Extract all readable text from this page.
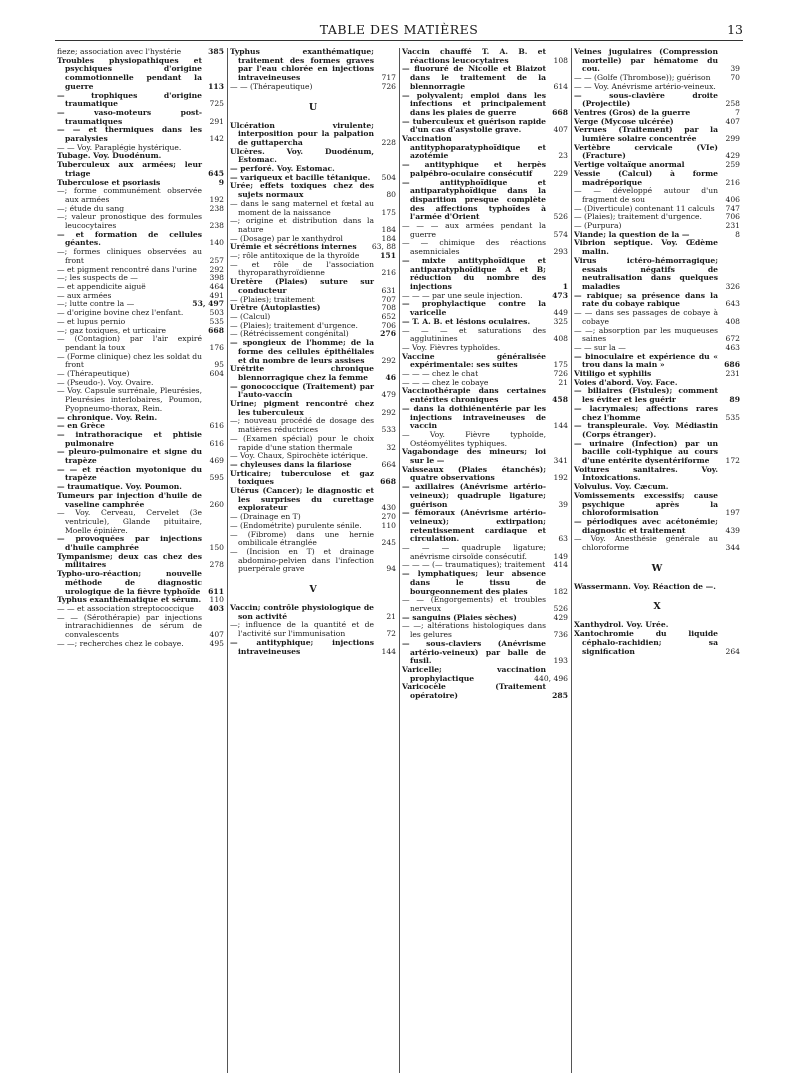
TABLE DES MATIÈRES	13
fieze; association avec l'hystérie	385
Troubles physiopathiques et psychiques d'origine commotionnelle pendant la guerre	113
— trophiques d'origine traumatique	725
— vaso-moteurs post-traumatiques	291
— — et thermiques dans les paralysies	142
— — Voy. Paraplégie hystérique.
Tubage. Voy. Duodénum.
Tuberculeux aux armées; leur triage	645
Tuberculose et psoriasis	9
—; forme communément observée aux armées	192
—; étude du sang	238
—; valeur pronostique des formules leucocytaires	238
— et formation de cellules géantes.	140
—; formes cliniques observées au front	257
— et pigment rencontré dans l'urine 292
—; les suspects de —	398
— et appendicite aiguë	464
— aux armées	491
—; lutte contre la —	53, 497
— d'origine bovine chez l'enfant.	503
— et lupus pernio	535
—; gaz toxiques, et urticaire	668
— (Contagion) par l'air expiré pendant la toux	176
— (Forme clinique) chez les soldat du front	95
— (Thérapeutique)	604
— (Pseudo-). Voy. Ovaire.
— Voy. Capsule surrénale, Pleurésies, Pleurésies interlobaires, Poumon, Pyopneumo-thorax, Rein.
— chronique. Voy. Rein.
— en Grèce	616
— intrathoracique et phtisie pulmonaire	616
— pleuro-pulmonaire et signe du trapèze	469
— — et réaction myotonique du trapèze	595
— traumatique. Voy. Poumon.
Tumeurs par injection d'huile de vaseline camphrée	260
— Voy. Cerveau, Cervelet (3e ventricule), Glande pituitaire, Moelle épinière.
— provoquées par injections d'huile camphrée	150
Tympanisme; deux cas chez des militaires	278
Typho-uro-réaction; nouvelle méthode de diagnostic urologique de la fièvre typhoïde 611
Typhus exanthématique et sérum. 110
— — et association streptococcique 403
— — (Sérothérapie) par injections intrarachidiennes de sérum de convalescents	407
— —; recherches chez le cobaye.	495
Typhus exanthématique; traitement des formes graves par l'eau chlorée en injections intraveineuses	717
— — (Thérapeutique)	726
U
Ulcération virulente; interposition pour la palpation de guttapercha	228
Ulcères. Voy. Duodénum, Estomac.
— perforé. Voy. Estomac.
— variqueux et bacille tétanique. 504
Urée; effets toxiques chez des sujets normaux	80
— dans le sang maternel et fœtal au moment de la naissance	175
—; origine et distribution dans la nature	184
— (Dosage) par le xanthydrol	184
Urémie et sécrétions internes 63, 88
—; rôle antitoxique de la thyroïde	151
— et rôle de l'association thyroparathyroïdienne	216
Uretère (Plaies) suture sur conducteur	631
— (Plaies); traitement	707
Urètre (Autoplasties)	708
— (Calcul)	652
— (Plaies); traitement d'urgence.	706
— (Rétrécissement congénital)	276
— spongieux de l'homme; de la forme des cellules épithéliales et du nombre de leurs assises 292
Urétrite chronique blennorragique chez la femme 46
— gonococcique (Traitement) par l'auto-vaccin	479
Urine; pigment rencontré chez les tuberculeux	292
—; nouveau procédé de dosage des matières réductrices	533
— (Examen spécial) pour le choix rapide d'une station thermale	32
— Voy. Chaux, Spirochète ictérique.
— chyleuses dans la filariose	664
Urticaire; tuberculose et gaz toxiques	668
Utérus (Cancer); le diagnostic et les surprises du curettage explorateur	430
— (Drainage en T)	270
— (Endométrite) purulente sénile.	110
— (Fibrome) dans une hernie ombilicale étranglée	245
— (Incision en T) et drainage abdomino-pelvien dans l'infection puerpérale grave	94
V
Vaccin; contrôle physiologique de son activité	21
—; influence de la quantité et de l'activité sur l'immunisation	72
— antityphique; injections intraveineuses	144
Vaccin chauffé T. A. B. et réactions leucocytaires	108
— fluoruré de Nicolle et Blaizot dans le traitement de la blennorragie	614
— polyvalent; emploi dans les infections et principalement dans les plaies de guerre	668
— tuberculeux et guérison rapide d'un cas d'asystolie grave.	407
Vaccination antityphoparatyphoïdique et azotémie	23
— antityphique et herpès palpébro-oculaire consécutif	229
— antityphoïdique et antiparatyphoïdique dans la disparition presque complète des affections typhoïdes à l'armée d'Orient	526
— — — aux armées pendant la guerre	574
— — chimique des réactions asemniciales	293
— mixte antityphoïdique et antiparatyphoïdique A et B; réduction du nombre des injections	1
— — — par une seule injection.	473
— prophylactique contre la varicelle	449
— T. A. B. et lésions oculaires.	325
— — — et saturations des agglutinines	408
— Voy. Fièvres typhoïdes.
Vaccine généralisée expérimentale: ses suites	175
— — — chez le chat	726
— — — chez le cobaye	21
Vaccinothérapie dans certaines entérites chroniques	458
— dans la dothiénentérie par les injections intraveineuses de vaccin	144
— Voy. Fièvre typhoïde, Ostéomyélites typhiques.
Vagabondage des mineurs; loi sur le —	341
Vaisseaux (Plaies étanchés); quatre observations	192
— axillaires (Anévrisme artério-veineux); quadruple ligature; guérison	39
— fémoraux (Anévrisme artério-veineux); extirpation; retentissement cardiaque et circulation.	63
— — — quadruple ligature; anévrisme cirsoïde consécutif.	149
— — — (— traumatiques); traitement 414
— lymphatiques; leur absence dans le tissu de bourgeonnement des plaies	182
— — (Engorgements) et troubles nerveux	526
— sanguins (Plaies sèches)	429
— —; altérations histologiques dans les gelures	736
— sous-claviers (Anévrisme artério-veineux) par balle de fusil.	193
Varicelle; vaccination prophylactique	440, 496
Varicocèle (Traitement opératoire)	285
Veines jugulaires (Compression mortelle) par hématome du cou.	39
— — (Golfe (Thrombose)); guérison	70
— — Voy. Anévrisme artério-veineux.
— sous-clavière droite (Projectile)	258
Ventres (Gros) de la guerre	7
Verge (Mycose ulcérée)	407
Verrues (Traitement) par la lumière solaire concentrée	299
Vertèbre cervicale (VIe) (Fracture)	429
Vertige voltaïque anormal	259
Vessie (Calcul) à forme madréporique	216
— — développé autour d'un fragment de sou	406
— (Diverticule) contenant 11 calculs 747
— (Plaies); traitement d'urgence.	706
— (Purpura)	231
Viande; la question de la —	8
Vibrion septique. Voy. Œdème malin.
Virus ictéro-hémorragique; essais négatifs de neutralisation dans quelques maladies	326
— rabique; sa présence dans la rate du cobaye rabique	643
— — dans ses passages de cobaye à cobaye	408
— —; absorption par les muqueuses saines	672
— — sur la —	463
— binoculaire et expérience du « trou dans la main »	686
Vitiligo et syphilis	231
Voies d'abord. Voy. Face.
— biliaires (Fistules); comment les éviter et les guérir	89
— lacrymales; affections rares chez l'homme	535
— transpleurale. Voy. Médiastin (Corps étranger).
— urinaire (Infection) par un bacille coli-typhique au cours d'une entérite dysentériforme 172
Voitures sanitaires. Voy. Intoxications.
Volvulus. Voy. Cæcum.
Vomissements excessifs; cause psychique après la chloroformisation	197
— périodiques avec acétonémie; diagnostic et traitement	439
— Voy. Anesthésie générale au chloroforme	344
W
Wassermann. Voy. Réaction de —.
X
Xanthydrol. Voy. Urée.
Xantochromie du liquide céphalo-rachidien; sa signification	264
